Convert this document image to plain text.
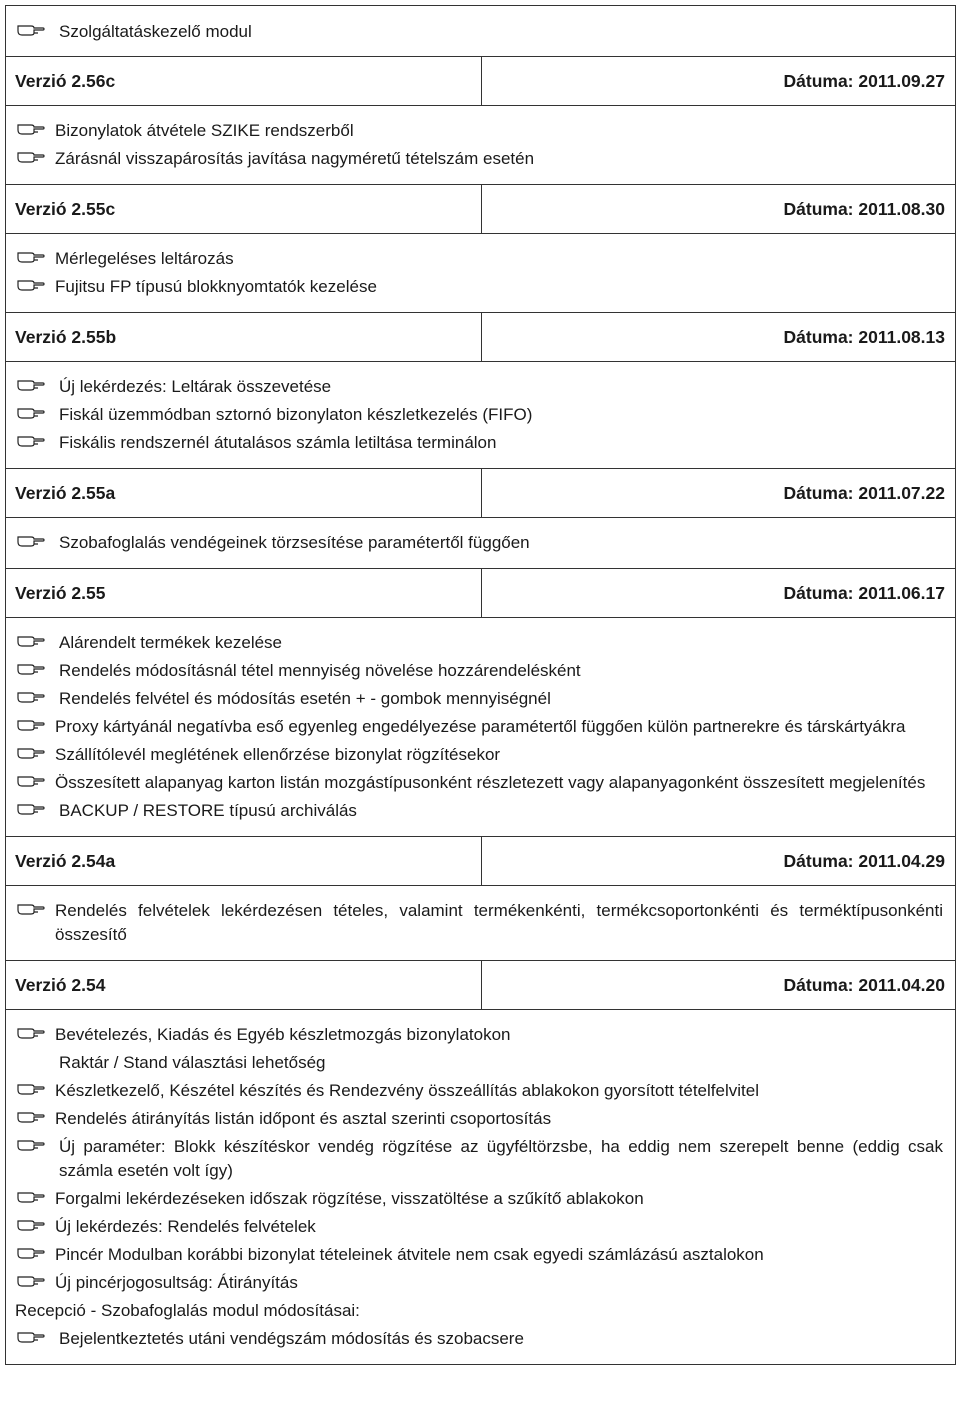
Szolgáltatáskezelő modul
Verzió 2.56c	Dátuma: 2011.09.27
Bizonylatok átvétele SZIKE rendszerből
Zárásnál visszapárosítás javítása nagyméretű tételszám esetén
Verzió 2.55c	Dátuma: 2011.08.30
Mérlegeléses leltározás
Fujitsu FP típusú blokknyomtatók kezelése
Verzió 2.55b	Dátuma: 2011.08.13
Új lekérdezés: Leltárak összevetése
Fiskál üzemmódban sztornó bizonylaton készletkezelés (FIFO)
Fiskális rendszernél átutalásos számla letiltása terminálon
Verzió 2.55a	Dátuma: 2011.07.22
Szobafoglalás vendégeinek törzsesítése paramétertől függően
Verzió 2.55	Dátuma: 2011.06.17
Alárendelt termékek kezelése
Rendelés módosításnál tétel mennyiség növelése hozzárendelésként
Rendelés felvétel és módosítás esetén + - gombok mennyiségnél
Proxy kártyánál negatívba eső egyenleg engedélyezése paramétertől függően külön partnerekre és társkártyákra
Szállítólevél meglétének ellenőrzése bizonylat rögzítésekor
Összesített alapanyag karton listán mozgástípusonként részletezett vagy alapanyagonként összesített megjelenítés
BACKUP / RESTORE típusú archiválás
Verzió 2.54a	Dátuma: 2011.04.29
Rendelés felvételek lekérdezésen tételes, valamint termékenkénti, termékcsoportonkénti és terméktípusonkénti összesítő
Verzió 2.54	Dátuma: 2011.04.20
Bevételezés, Kiadás és Egyéb készletmozgás bizonylatokon
Raktár / Stand választási lehetőség
Készletkezelő, Készétel készítés és Rendezvény összeállítás ablakokon gyorsított tételfelvitel
Rendelés átirányítás listán időpont és asztal szerinti csoportosítás
Új paraméter: Blokk készítéskor vendég rögzítése az ügyféltörzsbe, ha eddig nem szerepelt benne (eddig csak számla esetén volt így)
Forgalmi lekérdezéseken időszak rögzítése, visszatöltése a szűkítő ablakokon
Új lekérdezés: Rendelés felvételek
Pincér Modulban korábbi bizonylat tételeinek átvitele nem csak egyedi számlázású asztalokon
Új pincérjogosultság: Átirányítás
Recepció - Szobafoglalás modul módosításai:
Bejelentkeztetés utáni vendégszám módosítás és szobacsere
